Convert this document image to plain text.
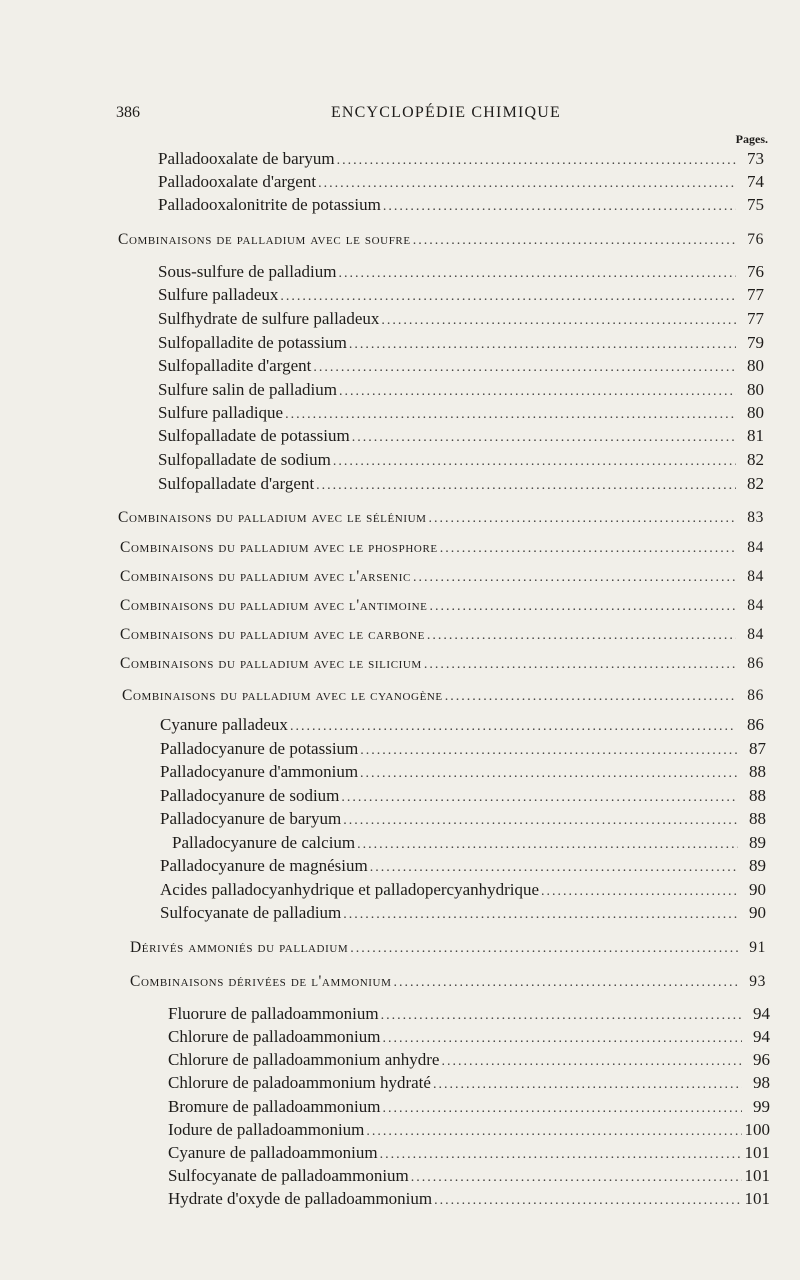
386	ENCYCLOPÉDIE CHIMIQUE
Pages.
Palladooxalate de baryum .....	73
Palladooxalate d'argent .....	74
Palladooxalonitrite de potassium .....	75
Combinaisons de palladium avec le soufre .....	76
Sous-sulfure de palladium .....	76
Sulfure palladeux .....	77
Sulfhydrate de sulfure palladeux .....	77
Sulfopalladite de potassium .....	79
Sulfopalladite d'argent .....	80
Sulfure salin de palladium .....	80
Sulfure palladique .....	80
Sulfopalladate de potassium .....	81
Sulfopalladate de sodium .....	82
Sulfopalladate d'argent .....	82
Combinaisons du palladium avec le sélénium .....	83
Combinaisons du palladium avec le phosphore .....	84
Combinaisons du palladium avec l'arsenic .....	84
Combinaisons du palladium avec l'antimoine .....	84
Combinaisons du palladium avec le carbone .....	84
Combinaisons du palladium avec le silicium .....	86
Combinaisons du palladium avec le cyanogène .....	86
Cyanure palladeux .....	86
Palladocyanure de potassium .....	87
Palladocyanure d'ammonium .....	88
Palladocyanure de sodium .....	88
Palladocyanure de baryum .....	88
Palladocyanure de calcium .....	89
Palladocyanure de magnésium .....	89
Acides palladocyanhydrique et palladopercyanhydrique .....	90
Sulfocyanate de palladium .....	90
Dérivés ammoniés du palladium .....	91
Combinaisons dérivées de l'ammonium .....	93
Fluorure de palladoammonium .....	94
Chlorure de palladoammonium .....	94
Chlorure de palladoammonium anhydre .....	96
Chlorure de paladoammonium hydraté .....	98
Bromure de palladoammonium .....	99
Iodure de palladoammonium .....	100
Cyanure de palladoammonium .....	101
Sulfocyanate de palladoammonium .....	101
Hydrate d'oxyde de palladoammonium .....	101
